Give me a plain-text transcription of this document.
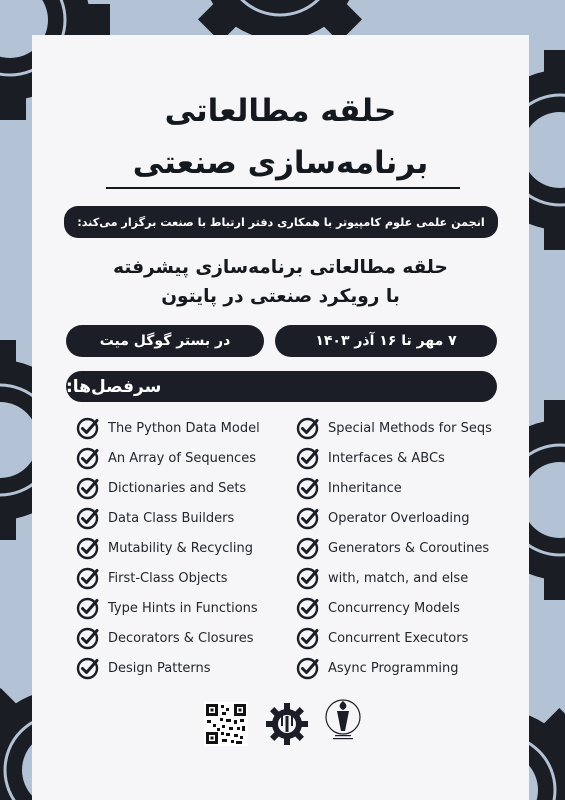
حلقه مطالعاتی
برنامه‌سازی صنعتی
انجمن علمی علوم کامپیوتر با همکاری دفتر ارتباط با صنعت برگزار می‌کند:
حلقه مطالعاتی برنامه‌سازی پیشرفته
با رویکرد صنعتی در پایتون
در بستر گوگل میت	۷ مهر تا ۱۶ آذر ۱۴۰۳
سرفصل‌ها:
The Python Data Model
An Array of Sequences
Dictionaries and Sets
Data Class Builders
Mutability & Recycling
First-Class Objects
Type Hints in Functions
Decorators & Closures
Design Patterns
Special Methods for Seqs
Interfaces & ABCs
Inheritance
Operator Overloading
Generators & Coroutines
with, match, and else
Concurrency Models
Concurrent Executors
Async Programming
